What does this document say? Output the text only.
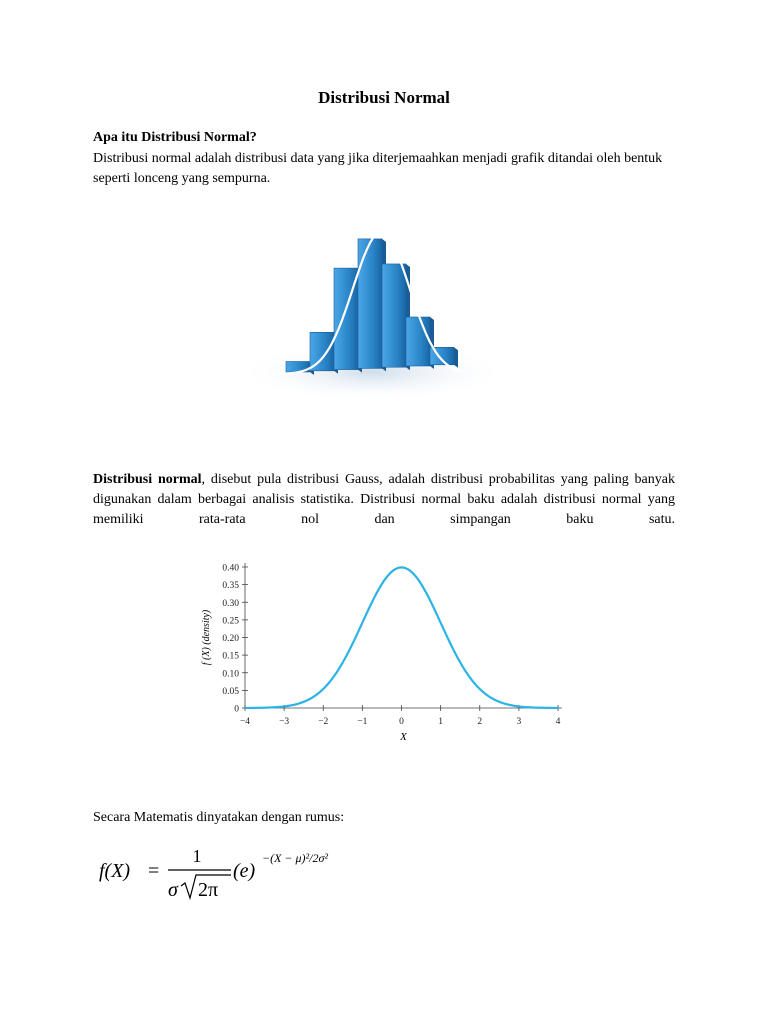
Distribusi Normal

Apa itu Distribusi Normal?

Distribusi normal adalah distribusi data yang jika diterjemaahkan menjadi grafik ditandai oleh bentuk seperti lonceng yang sempurna.

Distribusi normal, disebut pula distribusi Gauss, adalah distribusi probabilitas yang paling banyak digunakan dalam berbagai analisis statistika. Distribusi normal baku adalah distribusi normal yang memiliki rata-rata nol dan simpangan baku satu.

0
0.05
0.10
0.15
0.20
0.25
0.30
0.35
0.40
−4	−3	−2	−1	0	1	2	3	4
f (X) (density)
X

Secara Matematis dinyatakan dengan rumus:

f(X) =
1
σ 2π
(e)
−(X − μ)²/2σ²
